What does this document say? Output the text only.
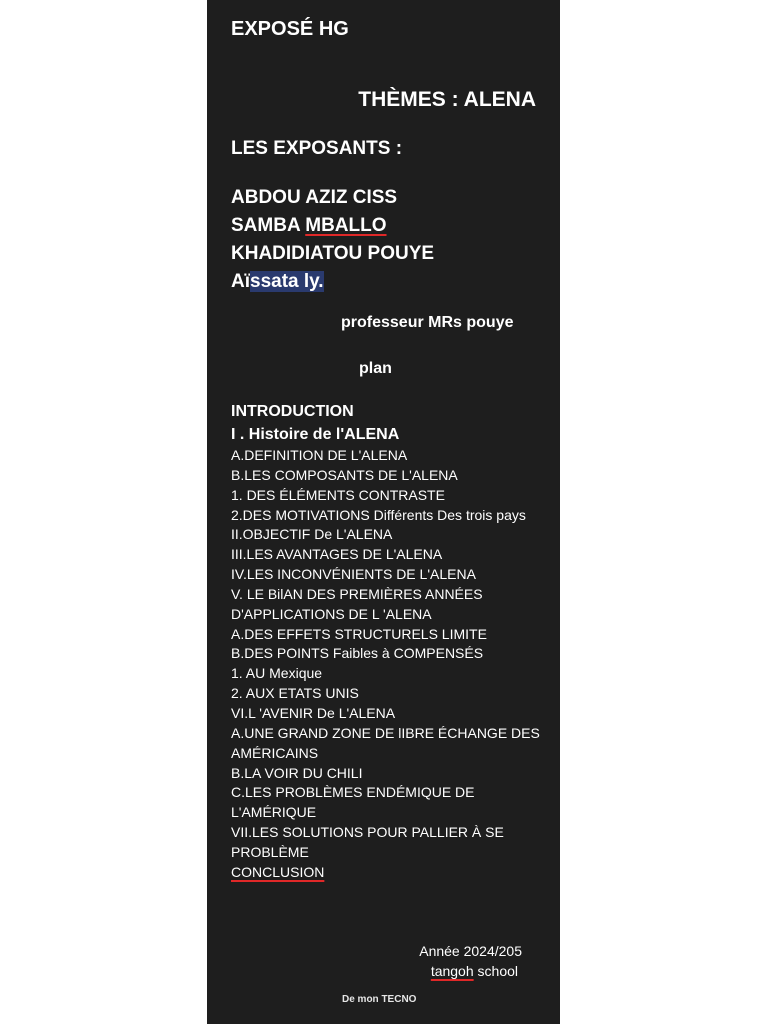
EXPOSÉ HG
THÈMES : ALENA
LES EXPOSANTS :
ABDOU AZIZ CISS
SAMBA MBALLO
KHADIDIATOU POUYE
Aïssata ly.
professeur MRs pouye
plan
INTRODUCTION
I . Histoire de l'ALENA
A.DEFINITION DE L'ALENA
B.LES COMPOSANTS DE L'ALENA
1. DES ÉLÉMENTS CONTRASTE
2.DES MOTIVATIONS Différents Des trois pays
II.OBJECTIF De L'ALENA
III.LES AVANTAGES DE L'ALENA
IV.LES INCONVÉNIENTS DE L'ALENA
V. LE BilAN DES PREMIÈRES ANNÉES D'APPLICATIONS DE L 'ALENA
A.DES EFFETS STRUCTURELS LIMITE
B.DES POINTS Faibles à COMPENSÉS
1. AU Mexique
2. AUX ETATS UNIS
VI.L 'AVENIR De L'ALENA
A.UNE GRAND ZONE DE lIBRE ÉCHANGE DES AMÉRICAINS
B.LA VOIR DU CHILI
C.LES PROBLÈMES ENDÉMIQUE DE L'AMÉRIQUE
VII.LES SOLUTIONS POUR PALLIER À SE PROBLÈME
CONCLUSION
Année 2024/205
tangoh school
De mon TECNO
